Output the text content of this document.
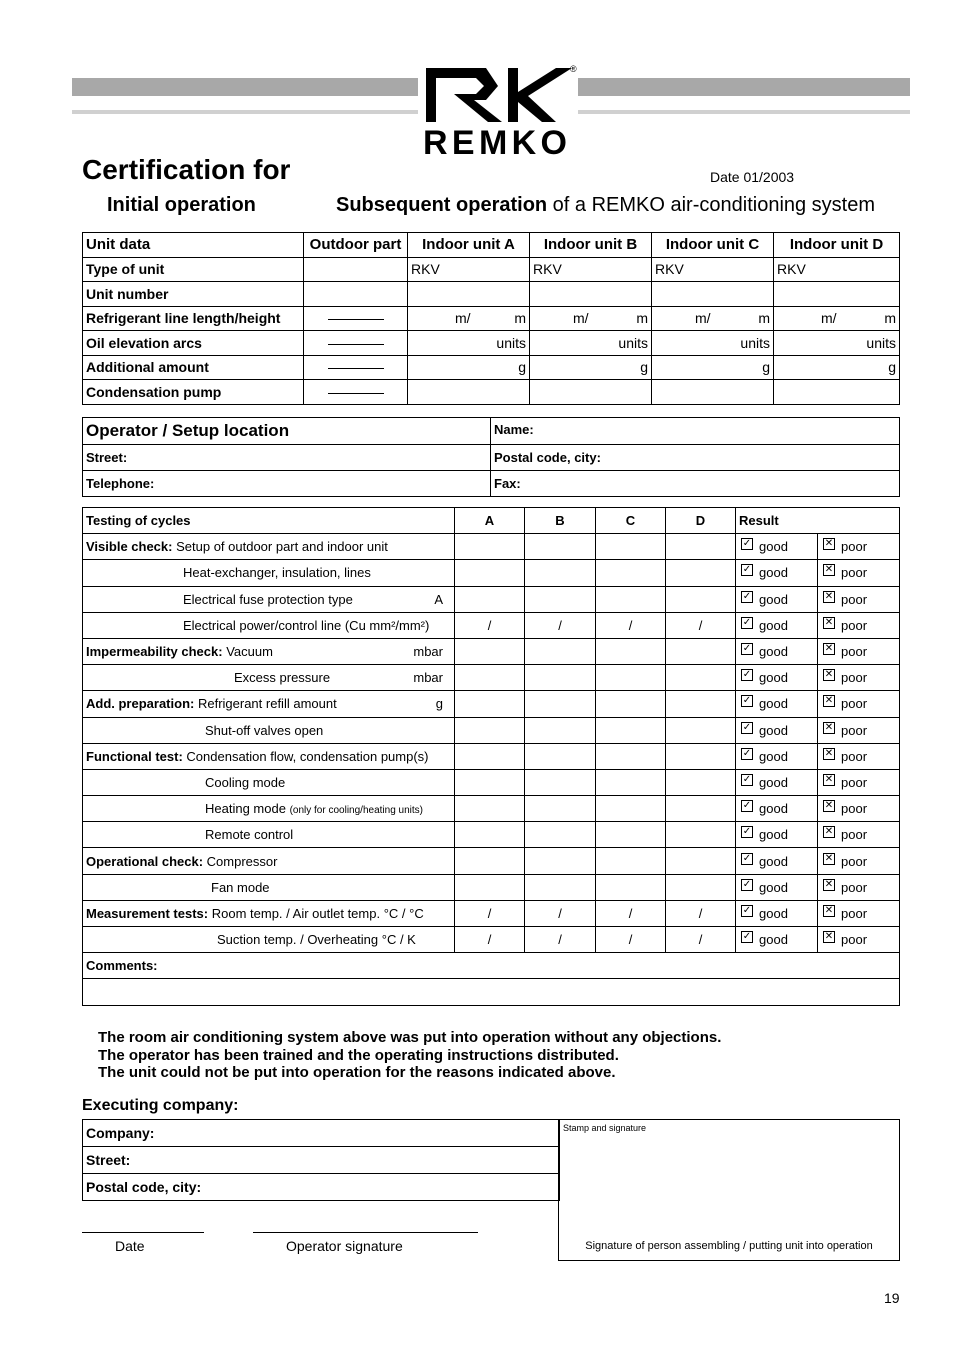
®
REMKO
Certification for	Date 01/2003
Initial operation	Subsequent operation of a REMKO air-conditioning system
Unit data	Outdoor part	Indoor unit A	Indoor unit B	Indoor unit C	Indoor unit D
Type of unit		RKV	RKV	RKV	RKV
Unit number					
Refrigerant line length/height		m/ m	m/ m	m/ m	m/ m

Oil elevation arcs		units	units	units	units
Additional amount		g	g	g	g
Condensation pump					
Operator / Setup location	Name:
Street:	Postal code, city:
Telephone:	Fax:
Testing of cycles	A	B	C	D	Result	
Visible check: Setup of outdoor part and indoor unit					✓ good	✕ poor
Heat-exchanger, insulation, lines					✓ good	✕ poor
Electrical fuse protection type A					✓ good	✕ poor
Electrical power/control line (Cu mm²/mm²)	/	/	/	/	✓ good	✕ poor
Impermeability check: Vacuum mbar					✓ good	✕ poor
Excess pressure mbar					✓ good	✕ poor
Add. preparation: Refrigerant refill amount g					✓ good	✕ poor
Shut-off valves open					✓ good	✕ poor
Functional test: Condensation flow, condensation pump(s)					✓ good	✕ poor
Cooling mode					✓ good	✕ poor
Heating mode (only for cooling/heating units)					✓ good	✕ poor
Remote control					✓ good	✕ poor
Operational check: Compressor					✓ good	✕ poor
Fan mode					✓ good	✕ poor
Measurement tests: Room temp. / Air outlet temp. °C / °C	/	/	/	/	✓ good	✕ poor
Suction temp. / Overheating °C / K	/	/	/	/	✓ good	✕ poor
Comments:						

The room air conditioning system above was put into operation without any objections.
The operator has been trained and the operating instructions distributed.
The unit could not be put into operation for the reasons indicated above.
Executing company:
Company:
Street:
Postal code, city:
Stamp and signature
Signature of person assembling / putting unit into operation
Date	Operator signature
19
